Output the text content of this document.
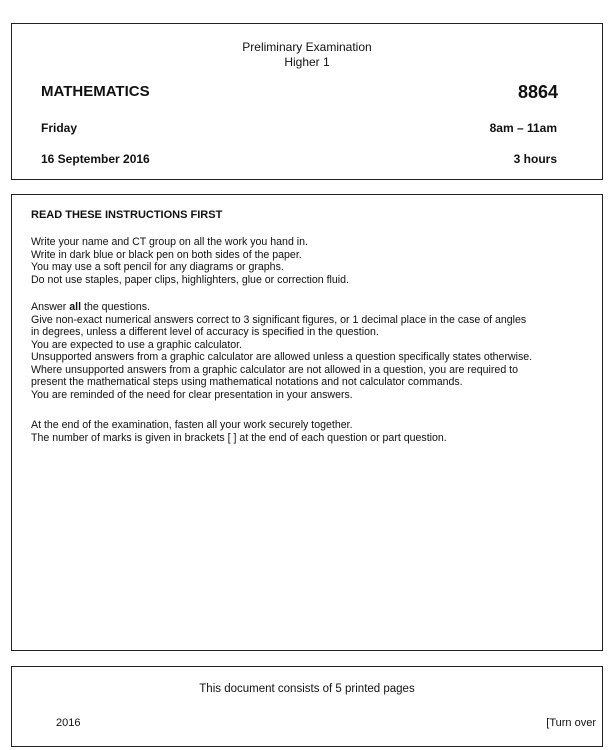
Preliminary Examination
Higher 1
MATHEMATICS	8864
Friday	8am – 11am
16 September 2016	3 hours
READ THESE INSTRUCTIONS FIRST
Write your name and CT group on all the work you hand in.
Write in dark blue or black pen on both sides of the paper.
You may use a soft pencil for any diagrams or graphs.
Do not use staples, paper clips, highlighters, glue or correction fluid.
Answer all the questions.
Give non-exact numerical answers correct to 3 significant figures, or 1 decimal place in the case of angles
in degrees, unless a different level of accuracy is specified in the question.
You are expected to use a graphic calculator.
Unsupported answers from a graphic calculator are allowed unless a question specifically states otherwise.
Where unsupported answers from a graphic calculator are not allowed in a question, you are required to
present the mathematical steps using mathematical notations and not calculator commands.
You are reminded of the need for clear presentation in your answers.
At the end of the examination, fasten all your work securely together.
The number of marks is given in brackets [ ] at the end of each question or part question.
This document consists of 5 printed pages
2016	[Turn over
